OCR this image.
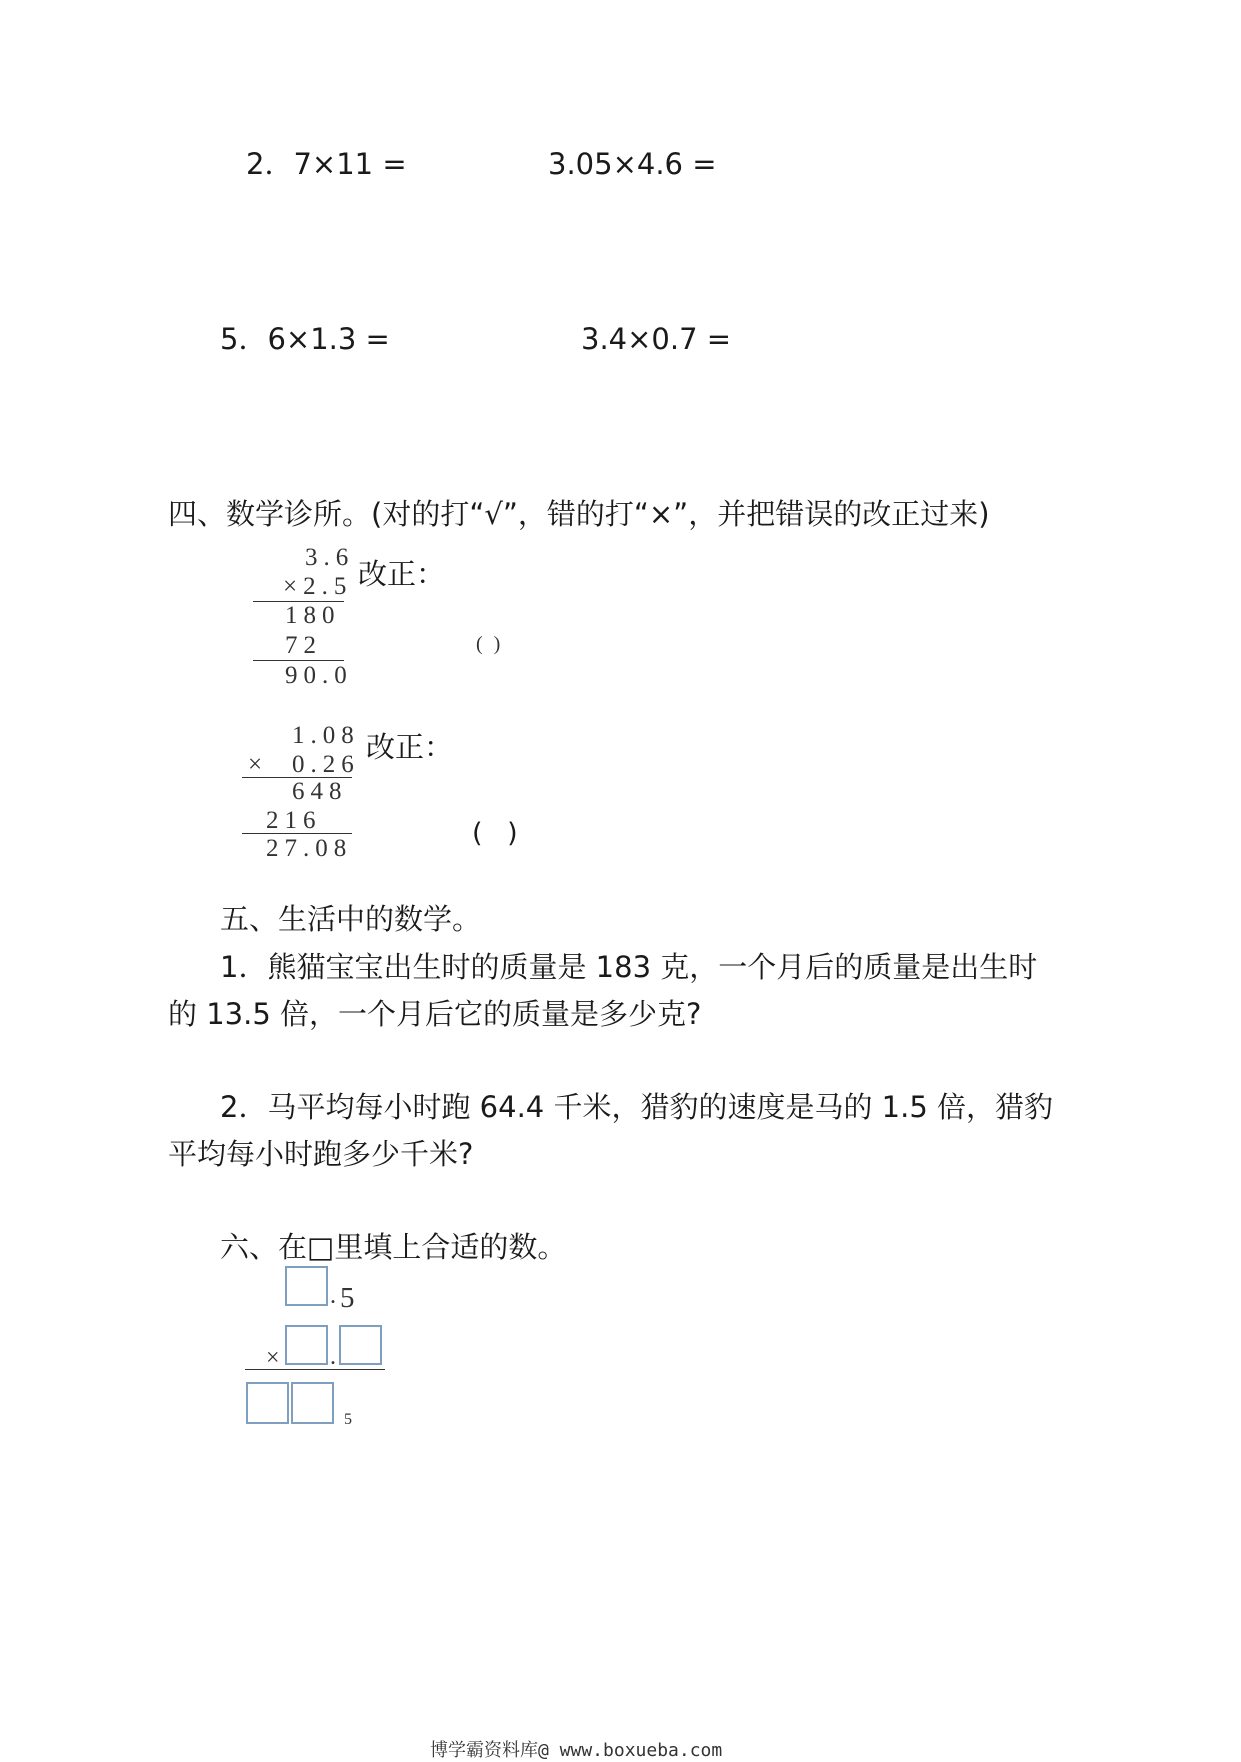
2．7×11 =	3.05×4.6 =
5．6×1.3 =	3.4×0.7 =
四、数学诊所。(对的打“√”，错的打“×”，并把错误的改正过来)
3.6
×2.5
180
72
90.0
改正：
( )
1.08
× 0.26
648
216
27.08
改正：
( )
五、生活中的数学。
1．熊猫宝宝出生时的质量是 183 克，一个月后的质量是出生时
的 13.5 倍，一个月后它的质量是多少克?
2．马平均每小时跑 64.4 千米，猎豹的速度是马的 1.5 倍，猎豹
平均每小时跑多少千米?
六、在□里填上合适的数。
. 5
× .
5
博学霸资料库@ www.boxueba.com
